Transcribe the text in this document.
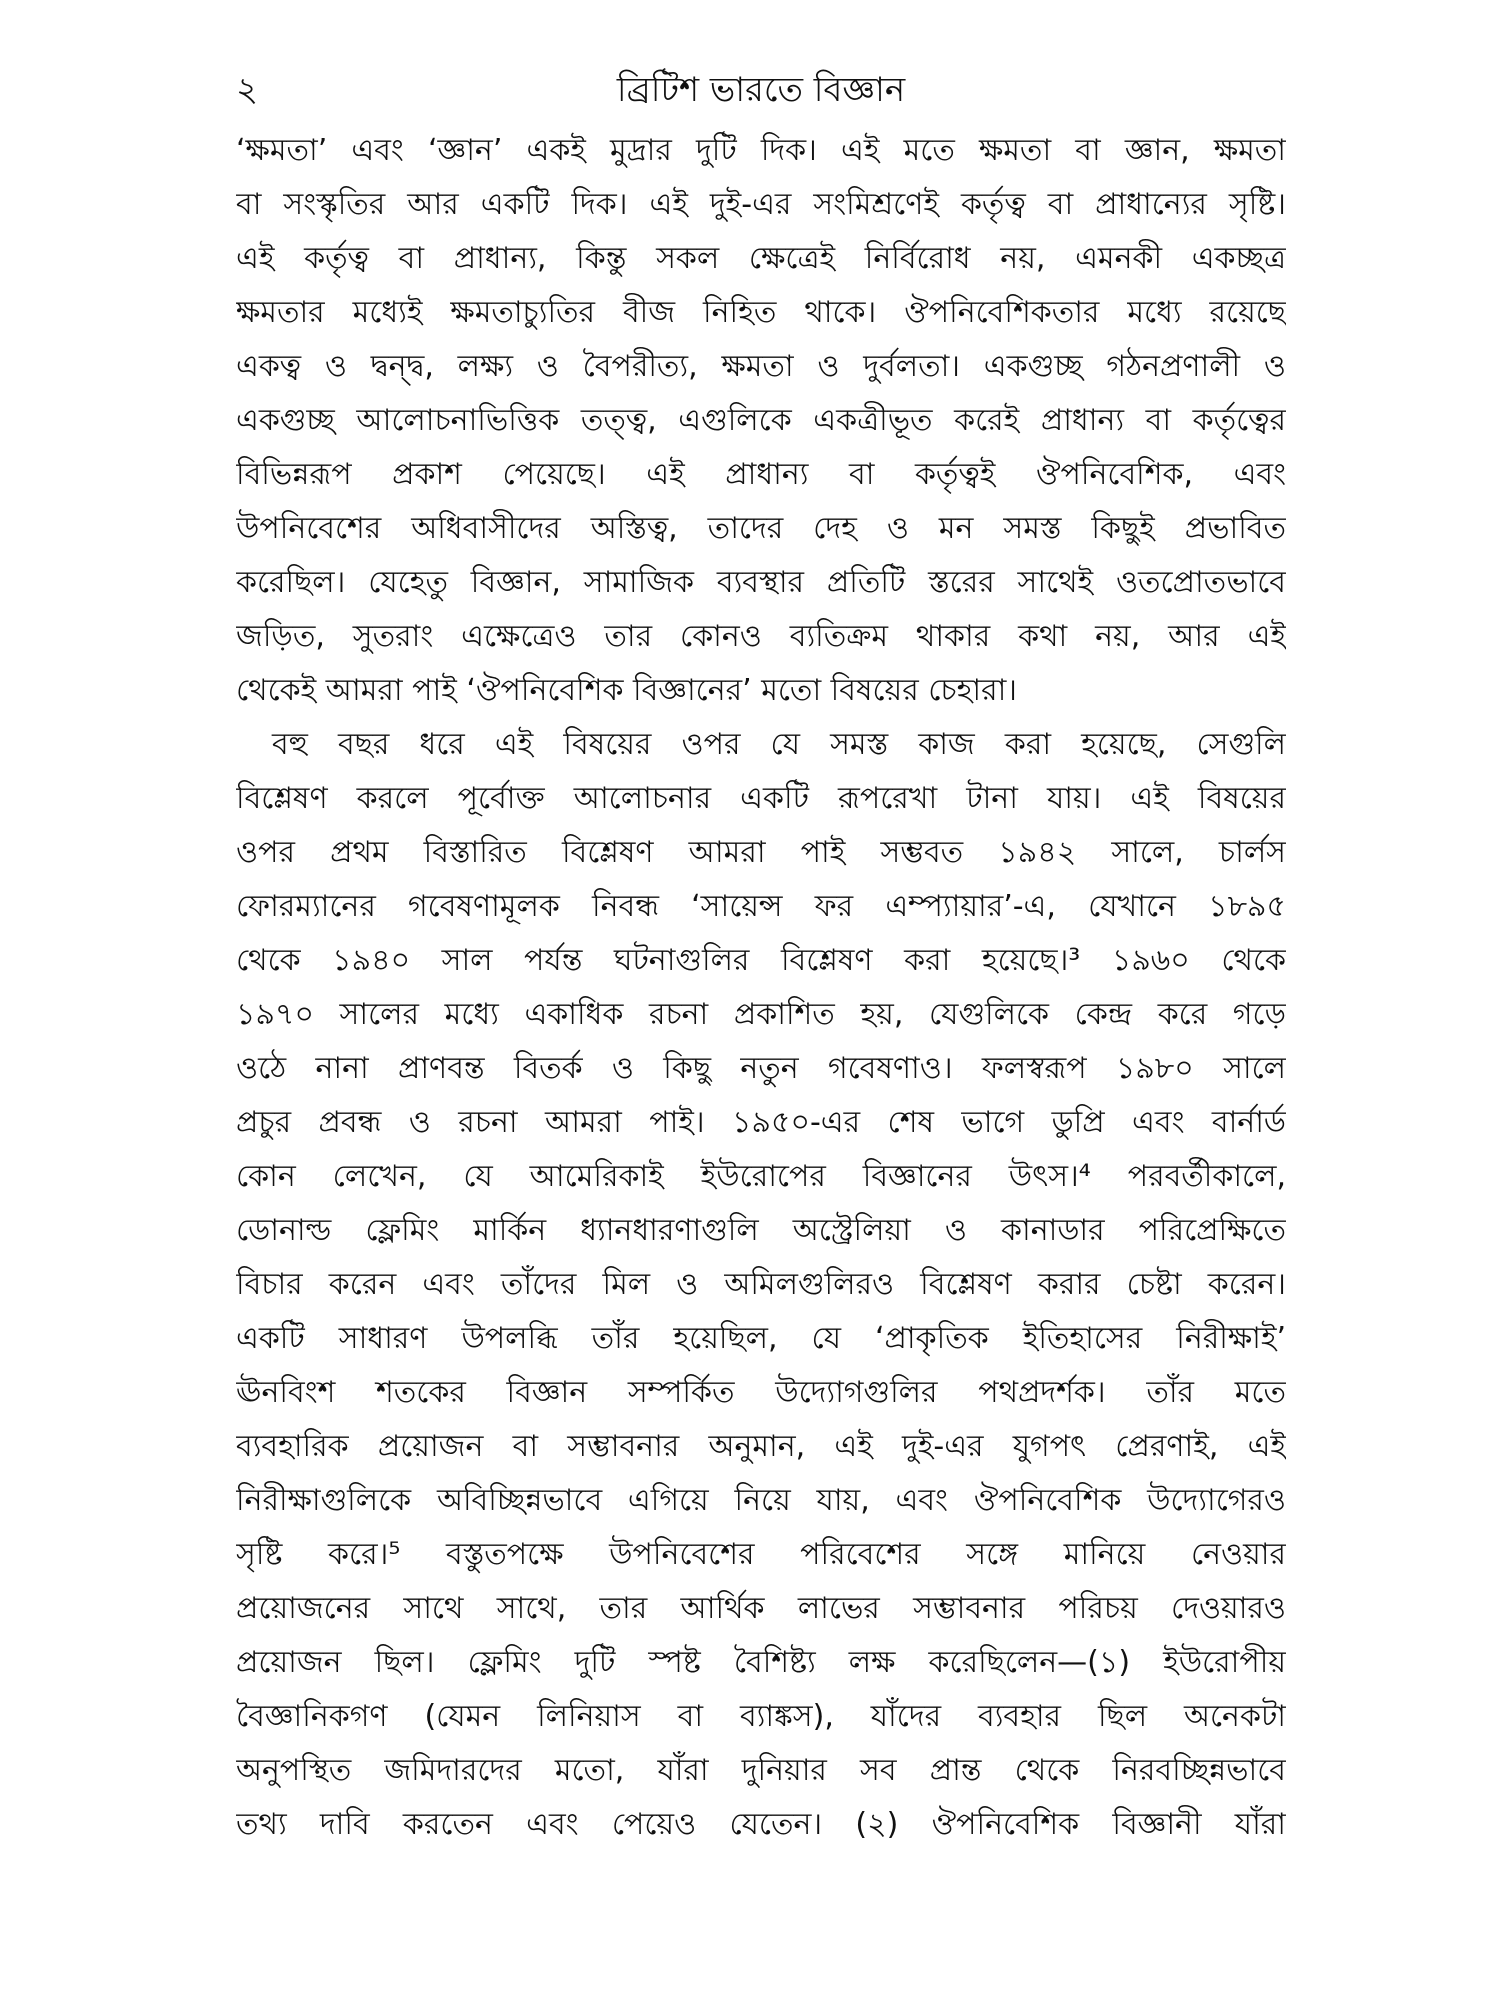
২	ব্রিটিশ ভারতে বিজ্ঞান
‘ক্ষমতা’ এবং ‘জ্ঞান’ একই মুদ্রার দুটি দিক। এই মতে ক্ষমতা বা জ্ঞান, ক্ষমতা
বা সংস্কৃতির আর একটি দিক। এই দুই-এর সংমিশ্রণেই কর্তৃত্ব বা প্রাধান্যের সৃষ্টি।
এই কর্তৃত্ব বা প্রাধান্য, কিন্তু সকল ক্ষেত্রেই নির্বিরোধ নয়, এমনকী একচ্ছত্র
ক্ষমতার মধ্যেই ক্ষমতাচ্যুতির বীজ নিহিত থাকে। ঔপনিবেশিকতার মধ্যে রয়েছে
একত্ব ও দ্বন্দ্ব, লক্ষ্য ও বৈপরীত্য, ক্ষমতা ও দুর্বলতা। একগুচ্ছ গঠনপ্রণালী ও
একগুচ্ছ আলোচনাভিত্তিক তত্ত্ব, এগুলিকে একত্রীভূত করেই প্রাধান্য বা কর্তৃত্বের
বিভিন্নরূপ প্রকাশ পেয়েছে। এই প্রাধান্য বা কর্তৃত্বই ঔপনিবেশিক, এবং
উপনিবেশের অধিবাসীদের অস্তিত্ব, তাদের দেহ ও মন সমস্ত কিছুই প্রভাবিত
করেছিল। যেহেতু বিজ্ঞান, সামাজিক ব্যবস্থার প্রতিটি স্তরের সাথেই ওতপ্রোতভাবে
জড়িত, সুতরাং এক্ষেত্রেও তার কোনও ব্যতিক্রম থাকার কথা নয়, আর এই
থেকেই আমরা পাই ‘ঔপনিবেশিক বিজ্ঞানের’ মতো বিষয়ের চেহারা।
বহু বছর ধরে এই বিষয়ের ওপর যে সমস্ত কাজ করা হয়েছে, সেগুলি
বিশ্লেষণ করলে পূর্বোক্ত আলোচনার একটি রূপরেখা টানা যায়। এই বিষয়ের
ওপর প্রথম বিস্তারিত বিশ্লেষণ আমরা পাই সম্ভবত ১৯৪২ সালে, চার্লস
ফোরম্যানের গবেষণামূলক নিবন্ধ ‘সায়েন্স ফর এম্প্যায়ার’-এ, যেখানে ১৮৯৫
থেকে ১৯৪০ সাল পর্যন্ত ঘটনাগুলির বিশ্লেষণ করা হয়েছে।³ ১৯৬০ থেকে
১৯৭০ সালের মধ্যে একাধিক রচনা প্রকাশিত হয়, যেগুলিকে কেন্দ্র করে গড়ে
ওঠে নানা প্রাণবন্ত বিতর্ক ও কিছু নতুন গবেষণাও। ফলস্বরূপ ১৯৮০ সালে
প্রচুর প্রবন্ধ ও রচনা আমরা পাই। ১৯৫০-এর শেষ ভাগে ডুপ্রি এবং বার্নার্ড
কোন লেখেন, যে আমেরিকাই ইউরোপের বিজ্ঞানের উৎস।⁴ পরবর্তীকালে,
ডোনাল্ড ফ্লেমিং মার্কিন ধ্যানধারণাগুলি অস্ট্রেলিয়া ও কানাডার পরিপ্রেক্ষিতে
বিচার করেন এবং তাঁদের মিল ও অমিলগুলিরও বিশ্লেষণ করার চেষ্টা করেন।
একটি সাধারণ উপলব্ধি তাঁর হয়েছিল, যে ‘প্রাকৃতিক ইতিহাসের নিরীক্ষাই’
ঊনবিংশ শতকের বিজ্ঞান সম্পর্কিত উদ্যোগগুলির পথপ্রদর্শক। তাঁর মতে
ব্যবহারিক প্রয়োজন বা সম্ভাবনার অনুমান, এই দুই-এর যুগপৎ প্রেরণাই, এই
নিরীক্ষাগুলিকে অবিচ্ছিন্নভাবে এগিয়ে নিয়ে যায়, এবং ঔপনিবেশিক উদ্যোগেরও
সৃষ্টি করে।⁵ বস্তুতপক্ষে উপনিবেশের পরিবেশের সঙ্গে মানিয়ে নেওয়ার
প্রয়োজনের সাথে সাথে, তার আর্থিক লাভের সম্ভাবনার পরিচয় দেওয়ারও
প্রয়োজন ছিল। ফ্লেমিং দুটি স্পষ্ট বৈশিষ্ট্য লক্ষ করেছিলেন—(১) ইউরোপীয়
বৈজ্ঞানিকগণ (যেমন লিনিয়াস বা ব্যাঙ্কস), যাঁদের ব্যবহার ছিল অনেকটা
অনুপস্থিত জমিদারদের মতো, যাঁরা দুনিয়ার সব প্রান্ত থেকে নিরবচ্ছিন্নভাবে
তথ্য দাবি করতেন এবং পেয়েও যেতেন। (২) ঔপনিবেশিক বিজ্ঞানী যাঁরা
